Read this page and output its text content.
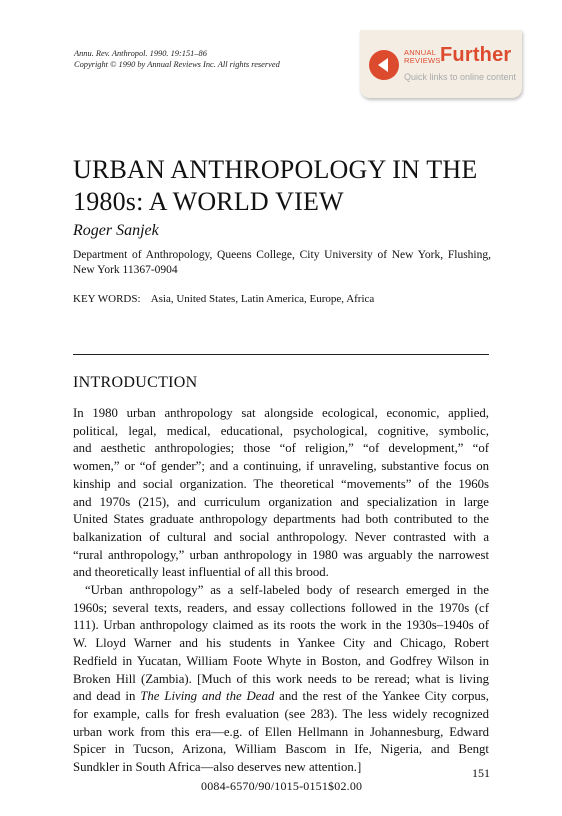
Annu. Rev. Anthropol. 1990. 19:151–86
Copyright © 1990 by Annual Reviews Inc. All rights reserved
ANNUAL
REVIEWS Further
Quick links to online content
URBAN ANTHROPOLOGY IN THE
1980s: A WORLD VIEW
Roger Sanjek
Department of Anthropology, Queens College, City University of New York, Flushing, New York 11367-0904
KEY WORDS: Asia, United States, Latin America, Europe, Africa
INTRODUCTION
In 1980 urban anthropology sat alongside ecological, economic, applied,
political, legal, medical, educational, psychological, cognitive, symbolic,
and aesthetic anthropologies; those “of religion,” “of development,” “of
women,” or “of gender”; and a continuing, if unraveling, substantive focus on
kinship and social organization. The theoretical “movements” of the 1960s
and 1970s (215), and curriculum organization and specialization in large
United States graduate anthropology departments had both contributed to the
balkanization of cultural and social anthropology. Never contrasted with a
“rural anthropology,” urban anthropology in 1980 was arguably the narrowest
and theoretically least influential of all this brood.
“Urban anthropology” as a self-labeled body of research emerged in the
1960s; several texts, readers, and essay collections followed in the 1970s (cf
111). Urban anthropology claimed as its roots the work in the 1930s–1940s of
W. Lloyd Warner and his students in Yankee City and Chicago, Robert
Redfield in Yucatan, William Foote Whyte in Boston, and Godfrey Wilson in
Broken Hill (Zambia). [Much of this work needs to be reread; what is living
and dead in The Living and the Dead and the rest of the Yankee City corpus,
for example, calls for fresh evaluation (see 283). The less widely recognized
urban work from this era—e.g. of Ellen Hellmann in Johannesburg, Edward
Spicer in Tucson, Arizona, William Bascom in Ife, Nigeria, and Bengt
Sundkler in South Africa—also deserves new attention.]	151
0084-6570/90/1015-0151$02.00
